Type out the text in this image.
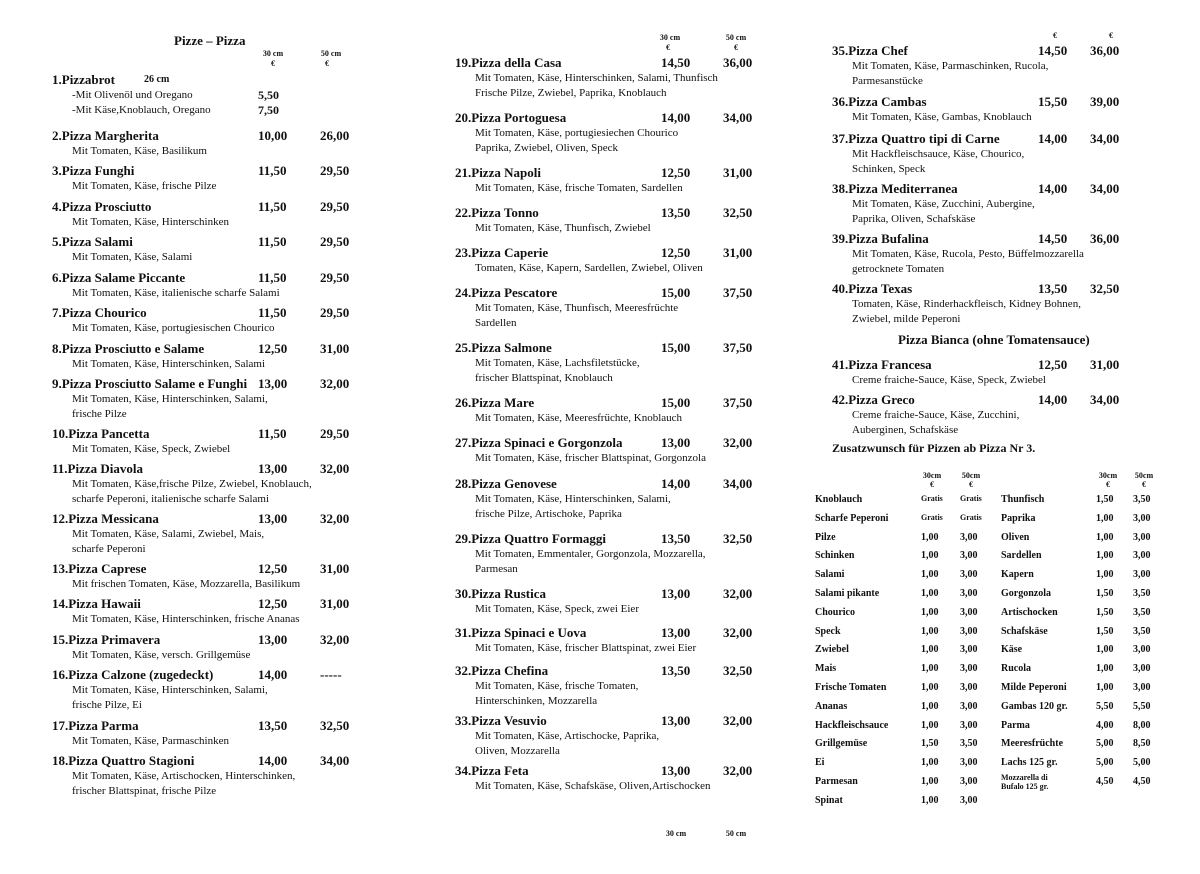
Pizze – Pizza
30 cm	50 cm
€	€
1.Pizzabrot	26 cm
-Mit Olivenöl und Oregano	5,50
-Mit Käse,Knoblauch, Oregano	7,50
2.Pizza Margherita	10,00	26,00
Mit Tomaten, Käse, Basilikum
3.Pizza Funghi	11,50	29,50
Mit Tomaten, Käse, frische Pilze
4.Pizza Prosciutto	11,50	29,50
Mit Tomaten, Käse, Hinterschinken
5.Pizza Salami	11,50	29,50
Mit Tomaten, Käse, Salami
6.Pizza Salame Piccante	11,50	29,50
Mit Tomaten, Käse, italienische scharfe Salami
7.Pizza Chourico	11,50	29,50
Mit Tomaten, Käse, portugiesischen Chourico
8.Pizza Prosciutto e Salame	12,50	31,00
Mit Tomaten, Käse, Hinterschinken, Salami
9.Pizza Prosciutto Salame e Funghi 13,00	32,00
Mit Tomaten, Käse, Hinterschinken, Salami,
frische Pilze
10.Pizza Pancetta	11,50	29,50
Mit Tomaten, Käse, Speck, Zwiebel
11.Pizza Diavola	13,00	32,00
Mit Tomaten, Käse,frische Pilze, Zwiebel, Knoblauch,
scharfe Peperoni, italienische scharfe Salami
12.Pizza Messicana	13,00	32,00
Mit Tomaten, Käse, Salami, Zwiebel, Mais,
scharfe Peperoni
13.Pizza Caprese	12,50	31,00
Mit frischen Tomaten, Käse, Mozzarella, Basilikum
14.Pizza Hawaii	12,50	31,00
Mit Tomaten, Käse, Hinterschinken, frische Ananas
15.Pizza Primavera	13,00	32,00
Mit Tomaten, Käse, versch. Grillgemüse
16.Pizza Calzone (zugedeckt)	14,00	-----
Mit Tomaten, Käse, Hinterschinken, Salami,
frische Pilze, Ei
17.Pizza Parma	13,50	32,50
Mit Tomaten, Käse, Parmaschinken
18.Pizza Quattro Stagioni	14,00	34,00
Mit Tomaten, Käse, Artischocken, Hinterschinken,
frischer Blattspinat, frische Pilze
30 cm	50 cm
€	€
19.Pizza della Casa	14,50	36,00
Mit Tomaten, Käse, Hinterschinken, Salami, Thunfisch
Frische Pilze, Zwiebel, Paprika, Knoblauch
20.Pizza Portoguesa	14,00	34,00
Mit Tomaten, Käse, portugiesiechen Chourico
Paprika, Zwiebel, Oliven, Speck
21.Pizza Napoli	12,50	31,00
Mit Tomaten, Käse, frische Tomaten, Sardellen
22.Pizza Tonno	13,50	32,50
Mit Tomaten, Käse, Thunfisch, Zwiebel
23.Pizza Caperie	12,50	31,00
Tomaten, Käse, Kapern, Sardellen, Zwiebel, Oliven
24.Pizza Pescatore	15,00	37,50
Mit Tomaten, Käse, Thunfisch, Meeresfrüchte
Sardellen
25.Pizza Salmone	15,00	37,50
Mit Tomaten, Käse, Lachsfiletstücke,
frischer Blattspinat, Knoblauch
26.Pizza Mare	15,00	37,50
Mit Tomaten, Käse, Meeresfrüchte, Knoblauch
27.Pizza Spinaci e Gorgonzola	13,00	32,00
Mit Tomaten, Käse, frischer Blattspinat, Gorgonzola
28.Pizza Genovese	14,00	34,00
Mit Tomaten, Käse, Hinterschinken, Salami,
frische Pilze, Artischoke, Paprika
29.Pizza Quattro Formaggi	13,50	32,50
Mit Tomaten, Emmentaler, Gorgonzola, Mozzarella,
Parmesan
30.Pizza Rustica	13,00	32,00
Mit Tomaten, Käse, Speck, zwei Eier
31.Pizza Spinaci e Uova	13,00	32,00
Mit Tomaten, Käse, frischer Blattspinat, zwei Eier
32.Pizza Chefina	13,50	32,50
Mit Tomaten, Käse, frische Tomaten,
Hinterschinken, Mozzarella
33.Pizza Vesuvio	13,00	32,00
Mit Tomaten, Käse, Artischocke, Paprika,
Oliven, Mozzarella
34.Pizza Feta	13,00	32,00
Mit Tomaten, Käse, Schafskäse, Oliven,Artischocken
30 cm	50 cm
€	€
35.Pizza Chef	14,50 36,00
Mit Tomaten, Käse, Parmaschinken, Rucola,
Parmesanstücke
36.Pizza Cambas	15,50 39,00
Mit Tomaten, Käse, Gambas, Knoblauch
37.Pizza Quattro tipi di Carne	14,00 34,00
Mit Hackfleischsauce, Käse, Chourico,
Schinken, Speck
38.Pizza Mediterranea	14,00 34,00
Mit Tomaten, Käse, Zucchini, Aubergine,
Paprika, Oliven, Schafskäse
39.Pizza Bufalina	14,50 36,00
Mit Tomaten, Käse, Rucola, Pesto, Büffelmozzarella
getrocknete Tomaten
40.Pizza Texas	13,50 32,50
Tomaten, Käse, Rinderhackfleisch, Kidney Bohnen,
Zwiebel, milde Peperoni
Pizza Bianca (ohne Tomatensauce)
41.Pizza Francesa	12,50 31,00
Creme fraiche-Sauce, Käse, Speck, Zwiebel
42.Pizza Greco	14,00 34,00
Creme fraiche-Sauce, Käse, Zucchini,
Auberginen, Schafskäse
Zusatzwunsch für Pizzen ab Pizza Nr 3.
30cm	50cm
€	€
30cm	50cm
€	€
Knoblauch	Gratis Gratis
Scharfe Peperoni	Gratis Gratis
Pilze	1,00 3,00
Schinken	1,00 3,00
Salami	1,00 3,00
Salami pikante	1,00 3,00
Chourico	1,00 3,00
Speck	1,00 3,00
Zwiebel	1,00 3,00
Mais	1,00 3,00
Frische Tomaten	1,00 3,00
Ananas	1,00 3,00
Hackfleischsauce	1,00 3,00
Grillgemüse	1,50 3,50
Ei	1,00 3,00
Parmesan	1,00 3,00
Spinat	1,00 3,00
Thunfisch	1,50 3,50
Paprika	1,00 3,00
Oliven	1,00 3,00
Sardellen	1,00 3,00
Kapern	1,00 3,00
Gorgonzola	1,50 3,50
Artischocken	1,50 3,50
Schafskäse	1,50 3,50
Käse	1,00 3,00
Rucola	1,00 3,00
Milde Peperoni	1,00 3,00
Gambas 120 gr.	5,50 5,50
Parma	4,00 8,00
Meeresfrüchte	5,00 8,50
Lachs 125 gr.	5,00 5,00
Mozzarella di Bufalo 125 gr.	4,50 4,50
